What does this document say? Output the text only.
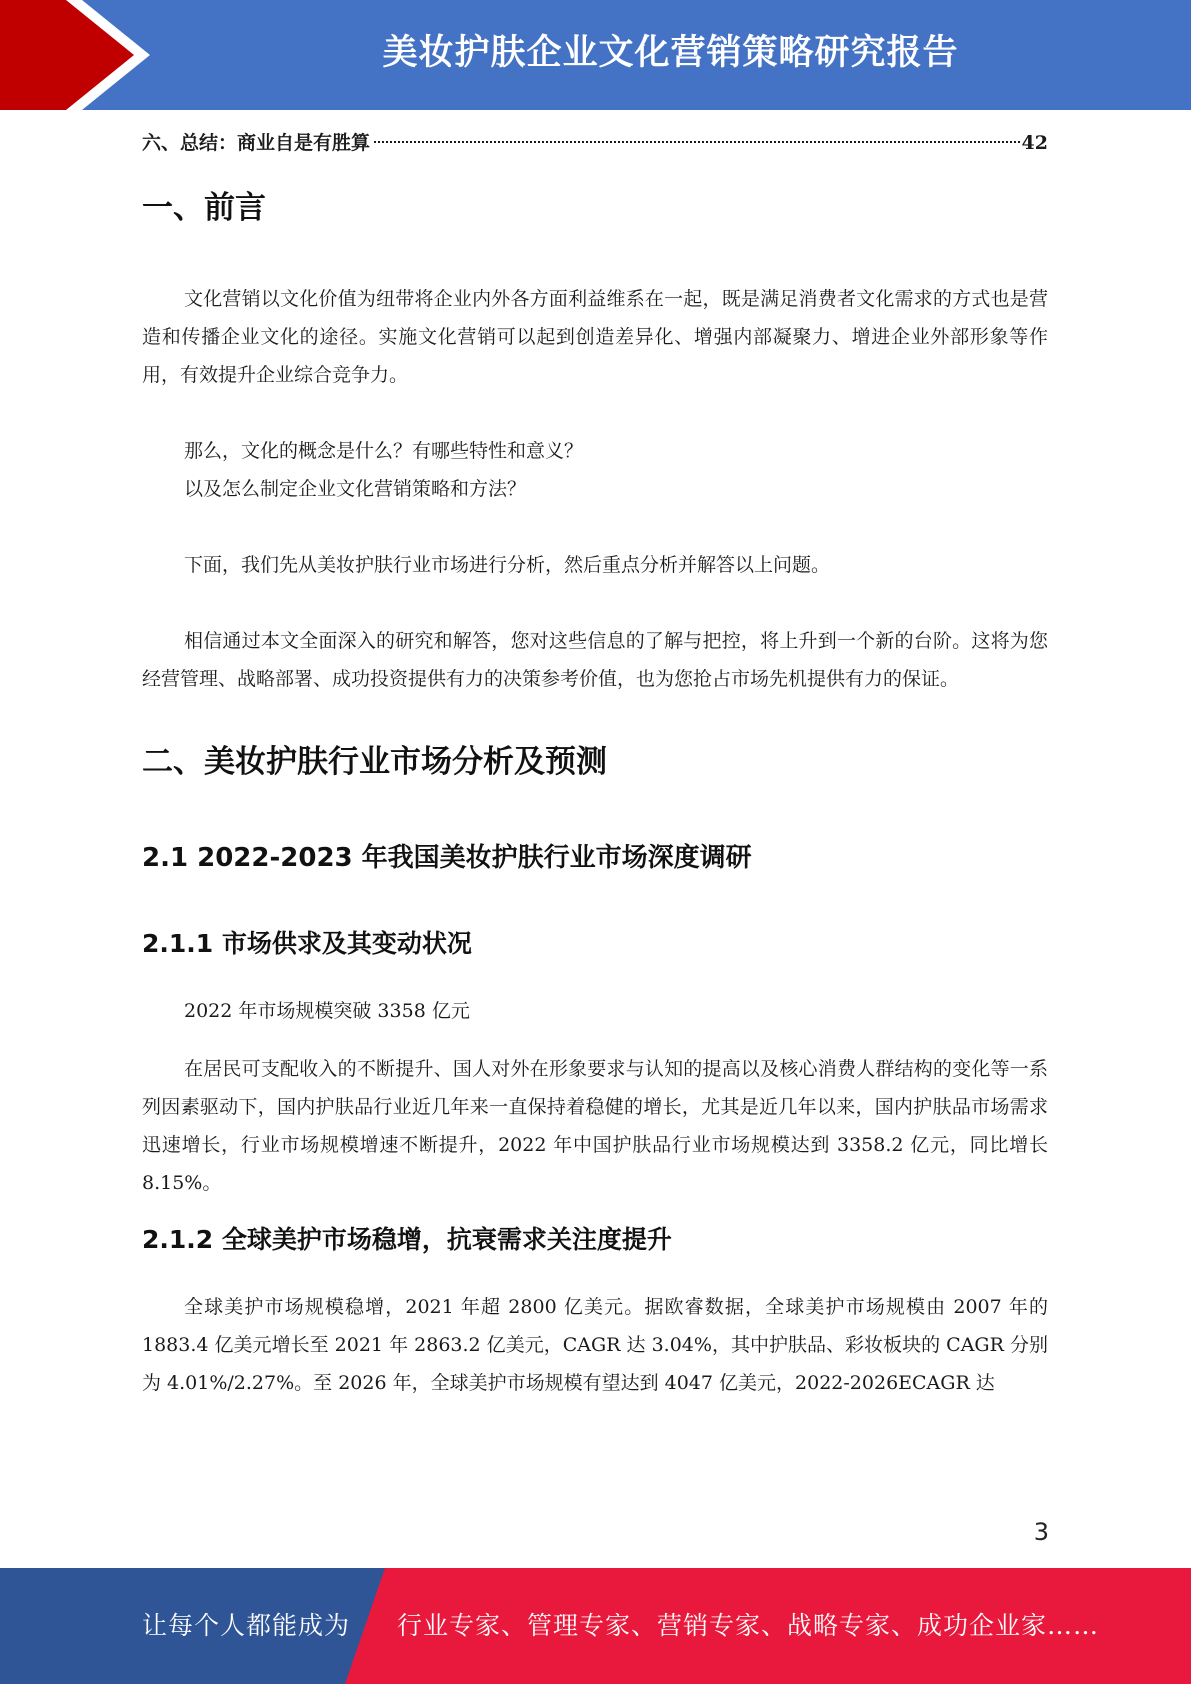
美妆护肤企业文化营销策略研究报告
六、总结：商业自是有胜算	42
一、前言

文化营销以文化价值为纽带将企业内外各方面利益维系在一起，既是满足消费者文化需求的方式也是营造和传播企业文化的途径。实施文化营销可以起到创造差异化、增强内部凝聚力、增进企业外部形象等作用，有效提升企业综合竞争力。

那么，文化的概念是什么？有哪些特性和意义？

以及怎么制定企业文化营销策略和方法？

下面，我们先从美妆护肤行业市场进行分析，然后重点分析并解答以上问题。

相信通过本文全面深入的研究和解答，您对这些信息的了解与把控，将上升到一个新的台阶。这将为您经营管理、战略部署、成功投资提供有力的决策参考价值，也为您抢占市场先机提供有力的保证。

二、美妆护肤行业市场分析及预测
2.1 2022-2023 年我国美妆护肤行业市场深度调研
2.1.1 市场供求及其变动状况

2022 年市场规模突破 3358 亿元

在居民可支配收入的不断提升、国人对外在形象要求与认知的提高以及核心消费人群结构的变化等一系列因素驱动下，国内护肤品行业近几年来一直保持着稳健的增长，尤其是近几年以来，国内护肤品市场需求迅速增长，行业市场规模增速不断提升，2022 年中国护肤品行业市场规模达到 3358.2 亿元，同比增长 8.15%。

2.1.2 全球美护市场稳增，抗衰需求关注度提升

全球美护市场规模稳增，2021 年超 2800 亿美元。据欧睿数据，全球美护市场规模由 2007 年的 1883.4 亿美元增长至 2021 年 2863.2 亿美元，CAGR 达 3.04%，其中护肤品、彩妆板块的 CAGR 分别为 4.01%/2.27%。至 2026 年，全球美护市场规模有望达到 4047 亿美元，2022-2026ECAGR 达

3
让每个人都能成为 行业专家、管理专家、营销专家、战略专家、成功企业家……
